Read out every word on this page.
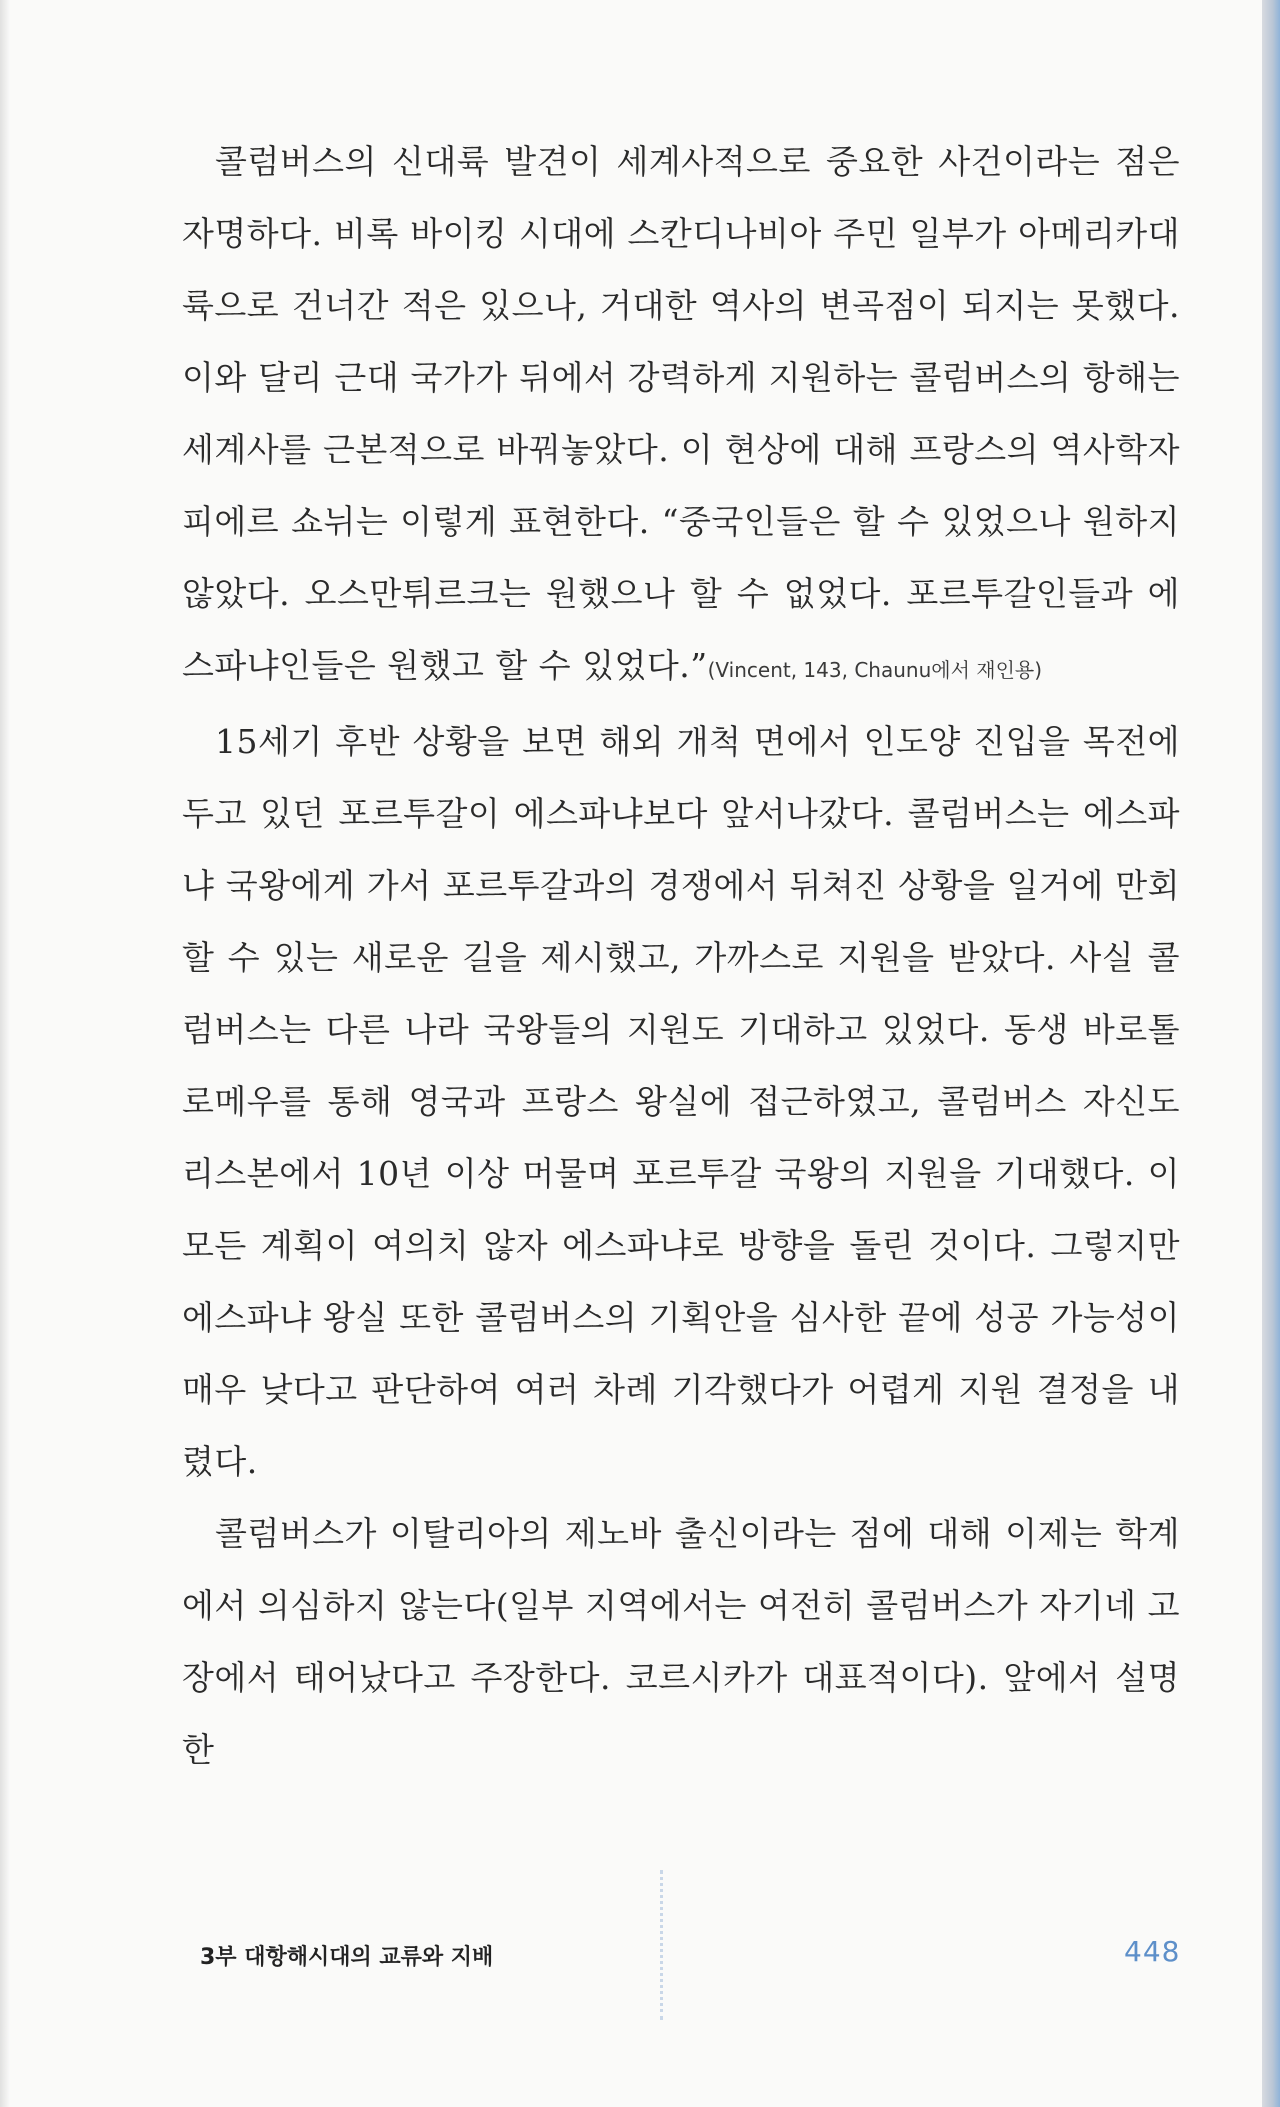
콜럼버스의 신대륙 발견이 세계사적으로 중요한 사건이라는 점은 자명하다. 비록 바이킹 시대에 스칸디나비아 주민 일부가 아메리카대륙으로 건너간 적은 있으나, 거대한 역사의 변곡점이 되지는 못했다. 이와 달리 근대 국가가 뒤에서 강력하게 지원하는 콜럼버스의 항해는 세계사를 근본적으로 바꿔놓았다. 이 현상에 대해 프랑스의 역사학자 피에르 쇼뉘는 이렇게 표현한다. “중국인들은 할 수 있었으나 원하지 않았다. 오스만튀르크는 원했으나 할 수 없었다. 포르투갈인들과 에스파냐인들은 원했고 할 수 있었다.”(Vincent, 143, Chaunu에서 재인용)

15세기 후반 상황을 보면 해외 개척 면에서 인도양 진입을 목전에 두고 있던 포르투갈이 에스파냐보다 앞서나갔다. 콜럼버스는 에스파냐 국왕에게 가서 포르투갈과의 경쟁에서 뒤쳐진 상황을 일거에 만회할 수 있는 새로운 길을 제시했고, 가까스로 지원을 받았다. 사실 콜럼버스는 다른 나라 국왕들의 지원도 기대하고 있었다. 동생 바로톨로메우를 통해 영국과 프랑스 왕실에 접근하였고, 콜럼버스 자신도 리스본에서 10년 이상 머물며 포르투갈 국왕의 지원을 기대했다. 이 모든 계획이 여의치 않자 에스파냐로 방향을 돌린 것이다. 그렇지만 에스파냐 왕실 또한 콜럼버스의 기획안을 심사한 끝에 성공 가능성이 매우 낮다고 판단하여 여러 차례 기각했다가 어렵게 지원 결정을 내렸다.

콜럼버스가 이탈리아의 제노바 출신이라는 점에 대해 이제는 학계에서 의심하지 않는다(일부 지역에서는 여전히 콜럼버스가 자기네 고장에서 태어났다고 주장한다. 코르시카가 대표적이다). 앞에서 설명한

3부 대항해시대의 교류와 지배	448
